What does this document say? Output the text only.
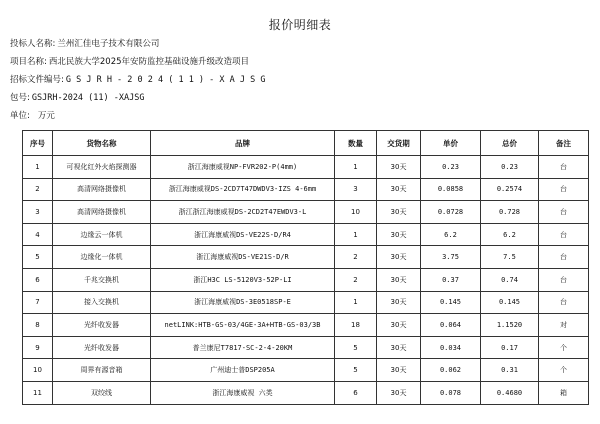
报价明细表
投标人名称: 兰州汇佳电子技术有限公司
项目名称: 西北民族大学2025年安防监控基础设施升级改造项目
招标文件编号: G S J R H - 2 0 2 4 ( 1 1 ) - X A J S G
包号: GSJRH-2024 (11) -XAJSG
单位: 万元
序号	货物名称	品牌	数量	交货期	单价	总价	备注
1	可视化红外火焰探测器	浙江海康威视NP-FVR202-P(4mm)	1	30天	0.23	0.23	台
2	高清网络摄像机	浙江海康威视DS-2CD7T47DWDV3-IZS 4-6mm	3	30天	0.0858	0.2574	台
3	高清网络摄像机	浙江浙江海康威视DS-2CD2T47EWDV3-L	10	30天	0.0728	0.728	台
4	边缘云一体机	浙江海康威视DS-VE22S-D/R4	1	30天	6.2	6.2	台
5	边缘化一体机	浙江海康威视DS-VE21S-D/R	2	30天	3.75	7.5	台
6	千兆交换机	浙江H3C LS-5120V3-52P-LI	2	30天	0.37	0.74	台
7	接入交换机	浙江海康威视DS-3E0518SP-E	1	30天	0.145	0.145	台
8	光纤收发器	netLINK:HTB-GS-03/4GE-3A+HTB-GS-03/3B	18	30天	0.064	1.1520	对
9	光纤收发器	普兰康尼T7817-SC-2-4-20KM	5	30天	0.034	0.17	个
10	周界有源音箱	广州迪士普DSP205A	5	30天	0.062	0.31	个
11	双绞线	浙江海康威视 六类	6	30天	0.078	0.4680	箱
